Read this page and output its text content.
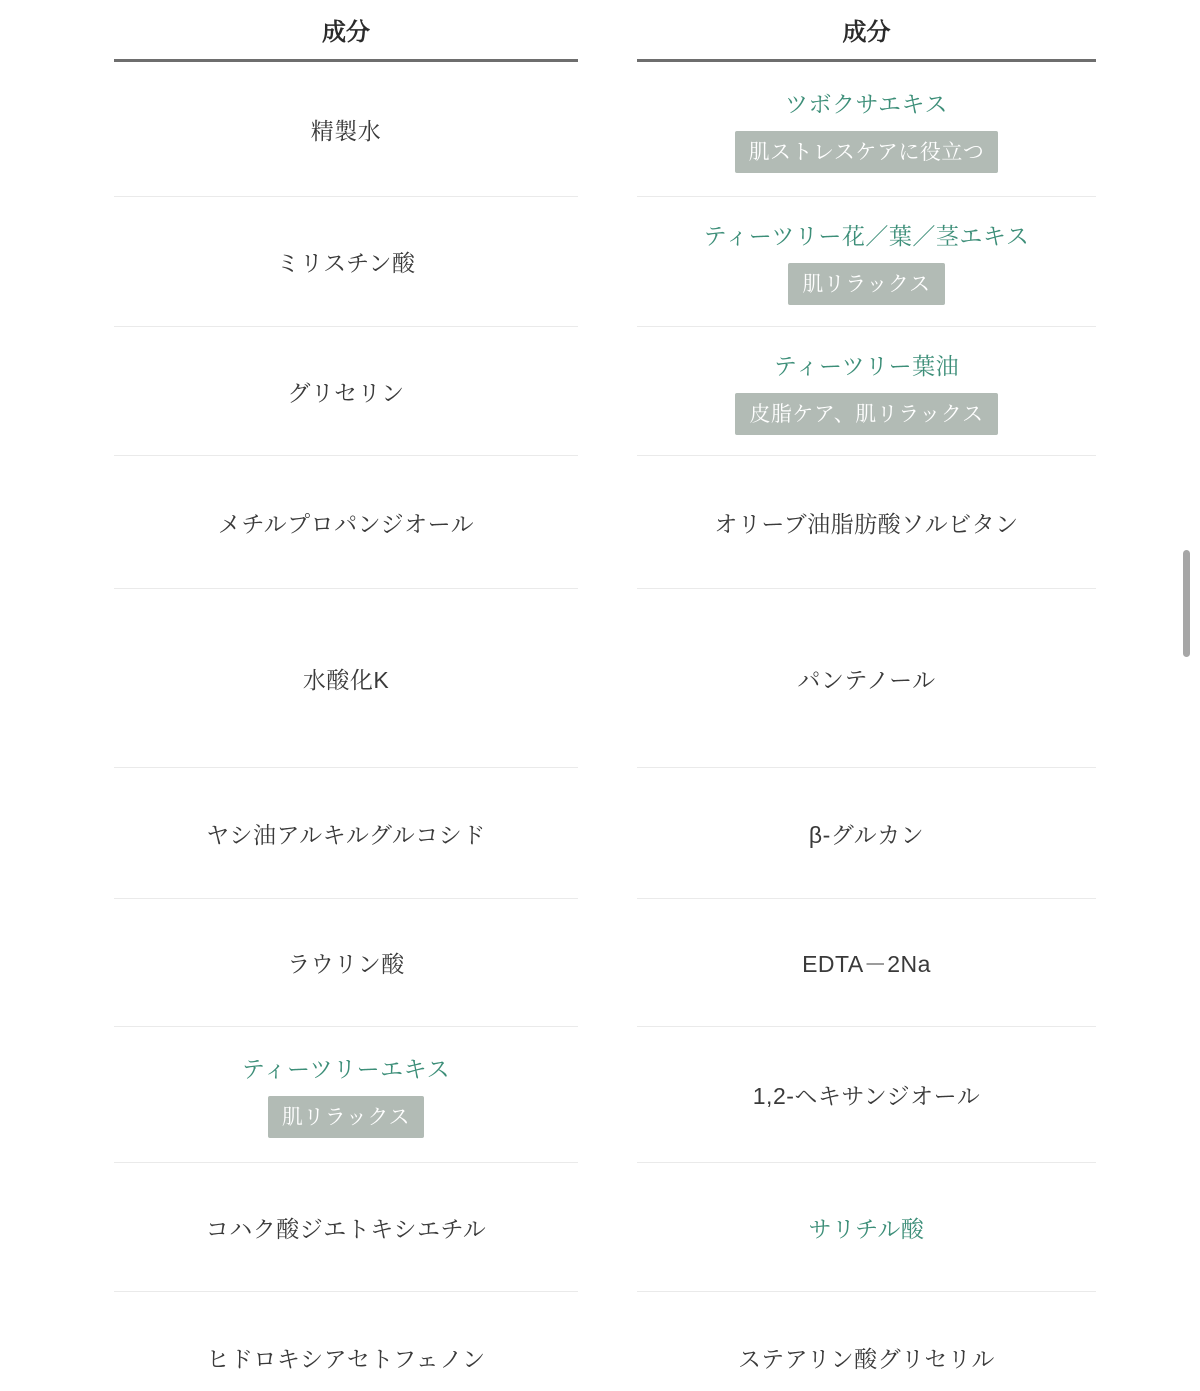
成分
精製水
ミリスチン酸
グリセリン
メチルプロパンジオール
水酸化K
ヤシ油アルキルグルコシド
ラウリン酸
ティーツリーエキス
肌リラックス
コハク酸ジエトキシエチル
ヒドロキシアセトフェノン
成分
ツボクサエキス
肌ストレスケアに役立つ
ティーツリー花／葉／茎エキス
肌リラックス
ティーツリー葉油
皮脂ケア、肌リラックス
オリーブ油脂肪酸ソルビタン
パンテノール
β-グルカン
EDTA－2Na
1,2-ヘキサンジオール
サリチル酸
ステアリン酸グリセリル
